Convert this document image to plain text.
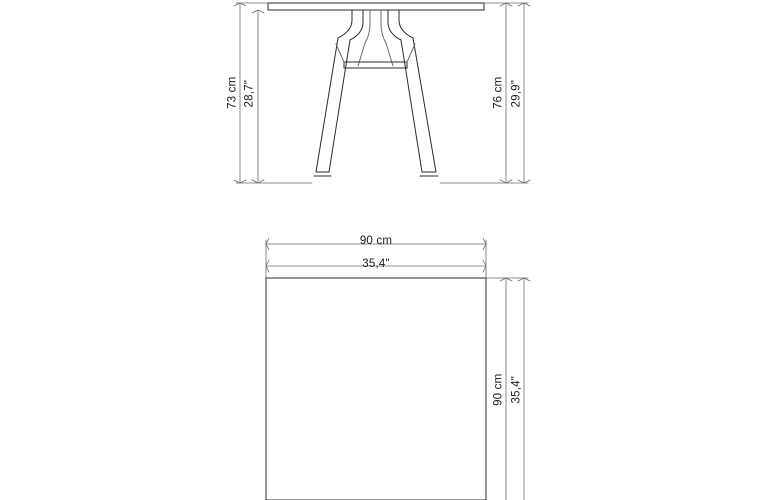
73 cm 28,7"	76 cm 29,9"
90 cm
35,4"
90 cm 35,4"
